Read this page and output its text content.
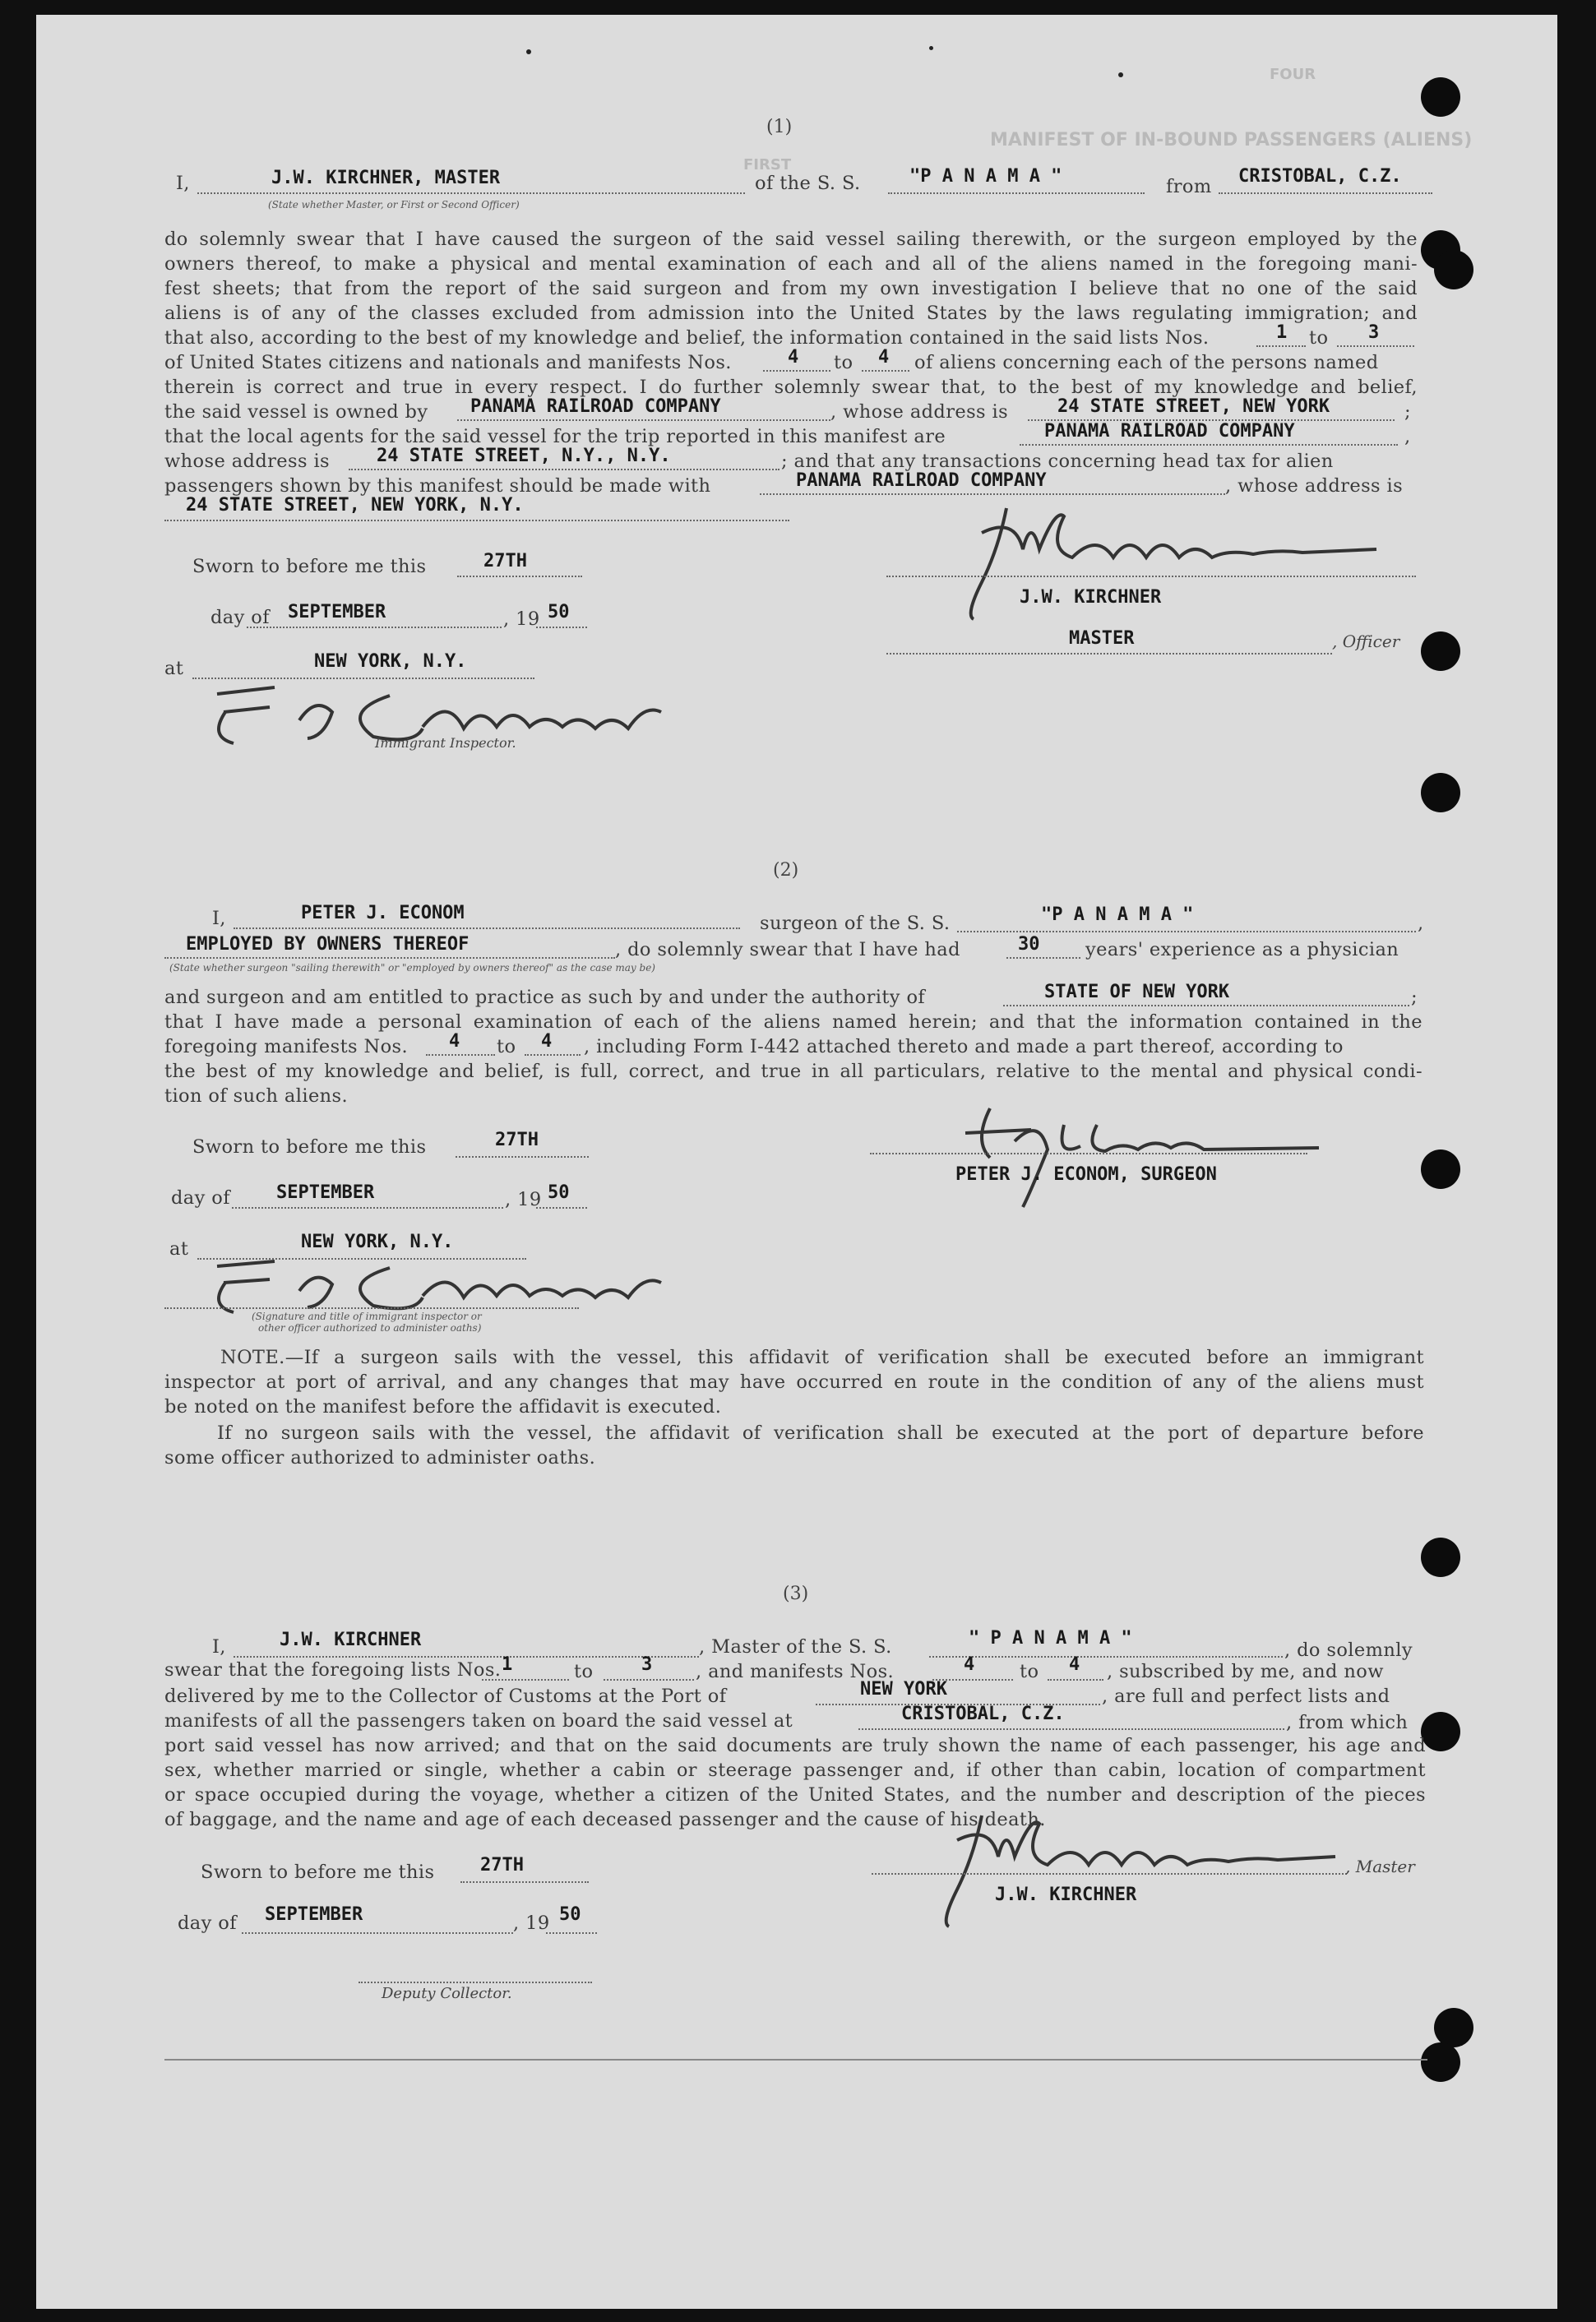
MANIFEST OF IN-BOUND PASSENGERS (ALIENS)
FOUR
FIRST
(1)
I,	J.W. KIRCHNER, MASTER
(State whether Master, or First or Second Officer)
of the S. S.	"P A N A M A "	from CRISTOBAL, C.Z.
do solemnly swear that I have caused the surgeon of the said vessel sailing therewith, or the surgeon employed by the
owners thereof, to make a physical and mental examination of each and all of the aliens named in the foregoing mani-
fest sheets; that from the report of the said surgeon and from my own investigation I believe that no one of the said
aliens is of any of the classes excluded from admission into the United States by the laws regulating immigration; and
that also, according to the best of my knowledge and belief, the information contained in the said lists Nos.	1 to 3
of United States citizens and nationals and manifests Nos.	4 to 4 of aliens concerning each of the persons named
therein is correct and true in every respect. I do further solemnly swear that, to the best of my knowledge and belief,
the said vessel is owned by PANAMA RAILROAD COMPANY	, whose address is	24 STATE STREET, NEW YORK	;
that the local agents for the said vessel for the trip reported in this manifest are	PANAMA RAILROAD COMPANY	,
whose address is	24 STATE STREET, N.Y., N.Y.	; and that any transactions concerning head tax for alien
passengers shown by this manifest should be made with	PANAMA RAILROAD COMPANY	, whose address is
24 STATE STREET, NEW YORK, N.Y.
Sworn to before me this	27TH
day of SEPTEMBER	, 19 50
at	NEW YORK, N.Y.
Immigrant Inspector.
J.W. KIRCHNER
MASTER	, Officer
(2)
I,	PETER J. ECONOM	surgeon of the S. S.	"P A N A M A "	,
EMPLOYED BY OWNERS THEREOF	, do solemnly swear that I have had	30 years' experience as a physician
(State whether surgeon "sailing therewith" or "employed by owners thereof" as the case may be)
and surgeon and am entitled to practice as such by and under the authority of	STATE OF NEW YORK	;
that I have made a personal examination of each of the aliens named herein; and that the information contained in the
foregoing manifests Nos. 4 to 4 , including Form I-442 attached thereto and made a part thereof, according to
the best of my knowledge and belief, is full, correct, and true in all particulars, relative to the mental and physical condi-
tion of such aliens.
Sworn to before me this	27TH
day of	SEPTEMBER	, 19 50
at	NEW YORK, N.Y.
(Signature and title of immigrant inspector or
other officer authorized to administer oaths)
PETER J. ECONOM, SURGEON
NOTE.—If a surgeon sails with the vessel, this affidavit of verification shall be executed before an immigrant
inspector at port of arrival, and any changes that may have occurred en route in the condition of any of the aliens must
be noted on the manifest before the affidavit is executed.
If no surgeon sails with the vessel, the affidavit of verification shall be executed at the port of departure before
some officer authorized to administer oaths.
(3)
I,	J.W. KIRCHNER	, Master of the S. S.	" P A N A M A "
, do solemnly
swear that the foregoing lists Nos. 1	to	3 , and manifests Nos.	4 to 4 , subscribed by me, and now
delivered by me to the Collector of Customs at the Port of	NEW YORK	, are full and perfect lists and
manifests of all the passengers taken on board the said vessel at	CRISTOBAL, C.Z.	, from which
port said vessel has now arrived; and that on the said documents are truly shown the name of each passenger, his age and
sex, whether married or single, whether a cabin or steerage passenger and, if other than cabin, location of compartment
or space occupied during the voyage, whether a citizen of the United States, and the number and description of the pieces
of baggage, and the name and age of each deceased passenger and the cause of his death.
Sworn to before me this	27TH
day of SEPTEMBER	, 19 50
Deputy Collector.
, Master
J.W. KIRCHNER
